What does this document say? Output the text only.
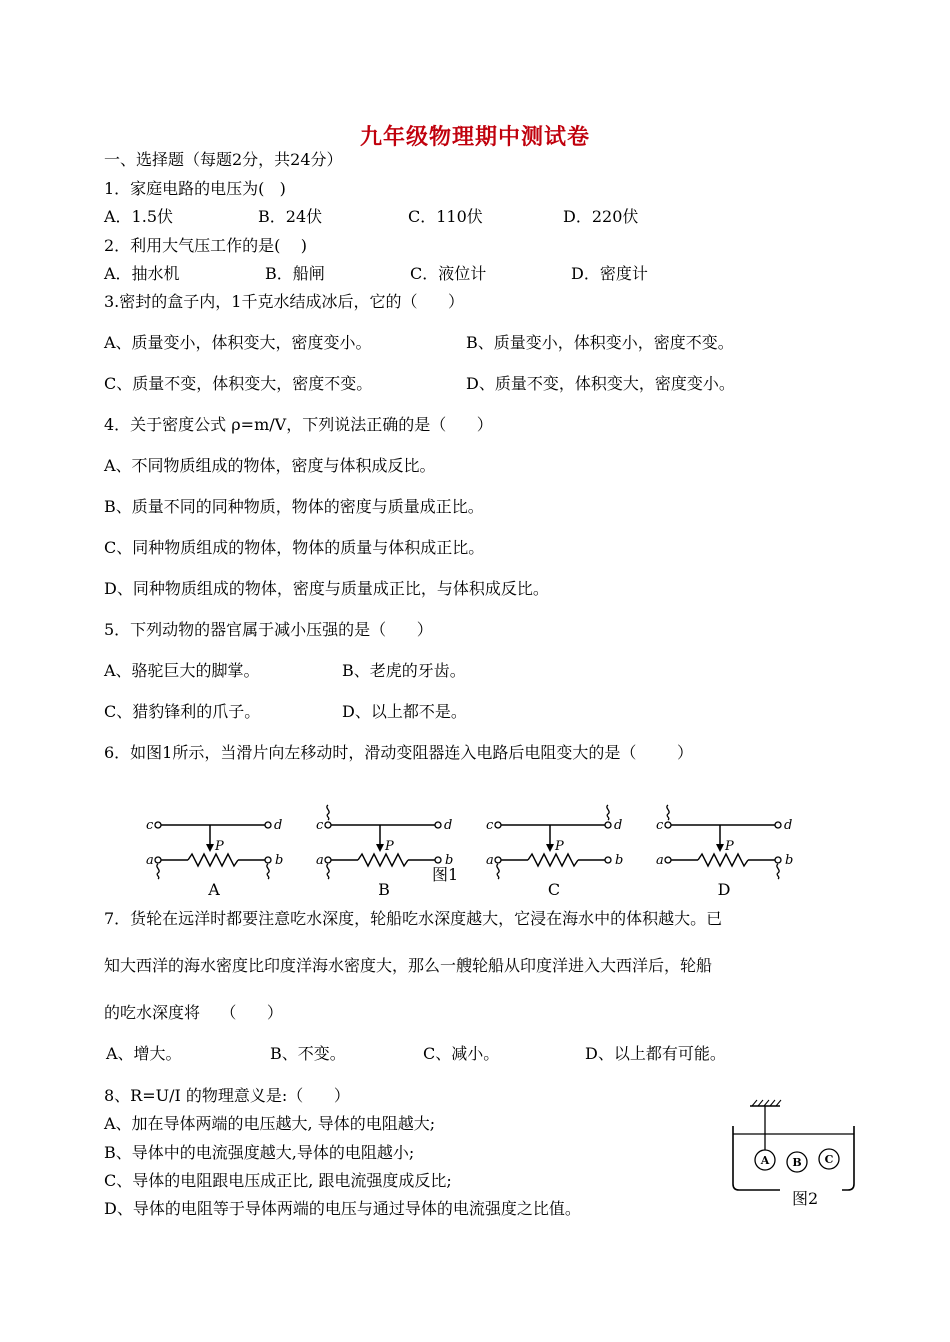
九年级物理期中测试卷
一、选择题（每题2分，共24分）
1．家庭电路的电压为(   )
A．1.5伏	B．24伏	C．110伏	D．220伏
2．利用大气压工作的是(    )
A．抽水机	B．船闸	C．液位计	D．密度计
3.密封的盒子内，1千克水结成冰后，它的（      ）
A、质量变小，体积变大，密度变小。	B、质量变小，体积变小，密度不变。
C、质量不变，体积变大，密度不变。	D、质量不变，体积变大，密度变小。
4．关于密度公式 ρ=m/V，下列说法正确的是（      ）
A、不同物质组成的物体，密度与体积成反比。
B、质量不同的同种物质，物体的密度与质量成正比。
C、同种物质组成的物体，物体的质量与体积成正比。
D、同种物质组成的物体，密度与质量成正比，与体积成反比。
5．下列动物的器官属于减小压强的是（      ）
A、骆驼巨大的脚掌。	B、老虎的牙齿。
C、猎豹锋利的爪子。	D、以上都不是。
6．如图1所示，当滑片向左移动时，滑动变阻器连入电路后电阻变大的是（        ）
c	d
a	b
P
c	d
a	b
P
c	d
a	b
P
c	d
a	b
P
A	B	C	D
图1
7．货轮在远洋时都要注意吃水深度，轮船吃水深度越大，它浸在海水中的体积越大。已
知大西洋的海水密度比印度洋海水密度大，那么一艘轮船从印度洋进入大西洋后，轮船
的吃水深度将    （      ）
A、增大。	B、不变。	C、减小。	D、以上都有可能。
8、R=U/I 的物理意义是:（      ）
A、加在导体两端的电压越大, 导体的电阻越大;
B、导体中的电流强度越大,导体的电阻越小;
C、导体的电阻跟电压成正比, 跟电流强度成反比;
D、导体的电阻等于导体两端的电压与通过导体的电流强度之比值。
A B C
图2
